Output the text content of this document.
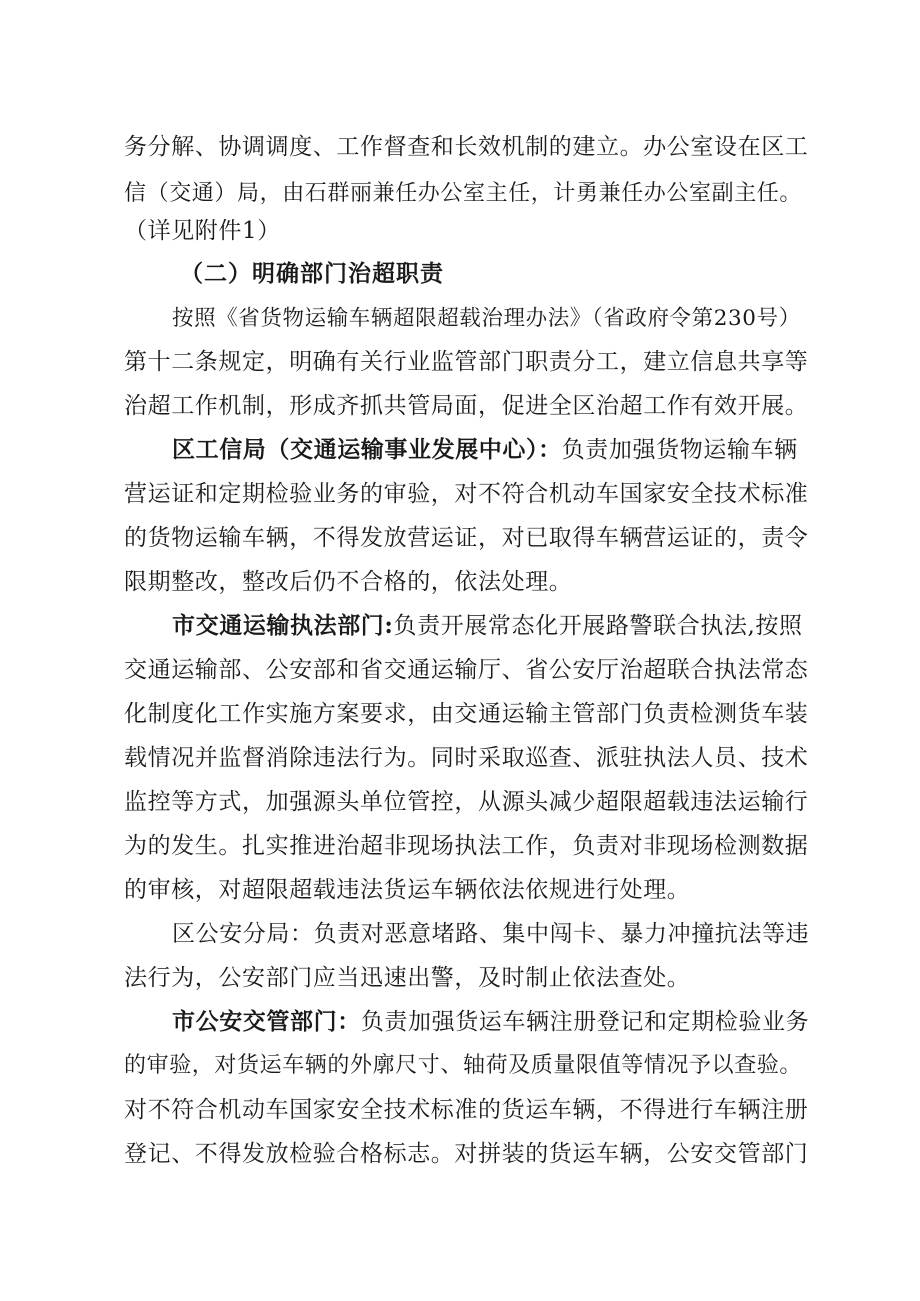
务分解、协调调度、工作督查和长效机制的建立。办公室设在区工
信（交通）局，由石群丽兼任办公室主任，计勇兼任办公室副主任。
（详见附件1）
（二）明确部门治超职责
按照《省货物运输车辆超限超载治理办法》（省政府令第230号）
第十二条规定，明确有关行业监管部门职责分工，建立信息共享等
治超工作机制，形成齐抓共管局面，促进全区治超工作有效开展。
区工信局（交通运输事业发展中心）：负责加强货物运输车辆
营运证和定期检验业务的审验，对不符合机动车国家安全技术标准
的货物运输车辆，不得发放营运证，对已取得车辆营运证的，责令
限期整改，整改后仍不合格的，依法处理。
市交通运输执法部门:负责开展常态化开展路警联合执法,按照
交通运输部、公安部和省交通运输厅、省公安厅治超联合执法常态
化制度化工作实施方案要求，由交通运输主管部门负责检测货车装
载情况并监督消除违法行为。同时采取巡查、派驻执法人员、技术
监控等方式，加强源头单位管控，从源头减少超限超载违法运输行
为的发生。扎实推进治超非现场执法工作，负责对非现场检测数据
的审核，对超限超载违法货运车辆依法依规进行处理。
区公安分局：负责对恶意堵路、集中闯卡、暴力冲撞抗法等违
法行为，公安部门应当迅速出警，及时制止依法查处。
市公安交管部门：负责加强货运车辆注册登记和定期检验业务
的审验，对货运车辆的外廓尺寸、轴荷及质量限值等情况予以查验。
对不符合机动车国家安全技术标准的货运车辆，不得进行车辆注册
登记、不得发放检验合格标志。对拼装的货运车辆，公安交管部门
